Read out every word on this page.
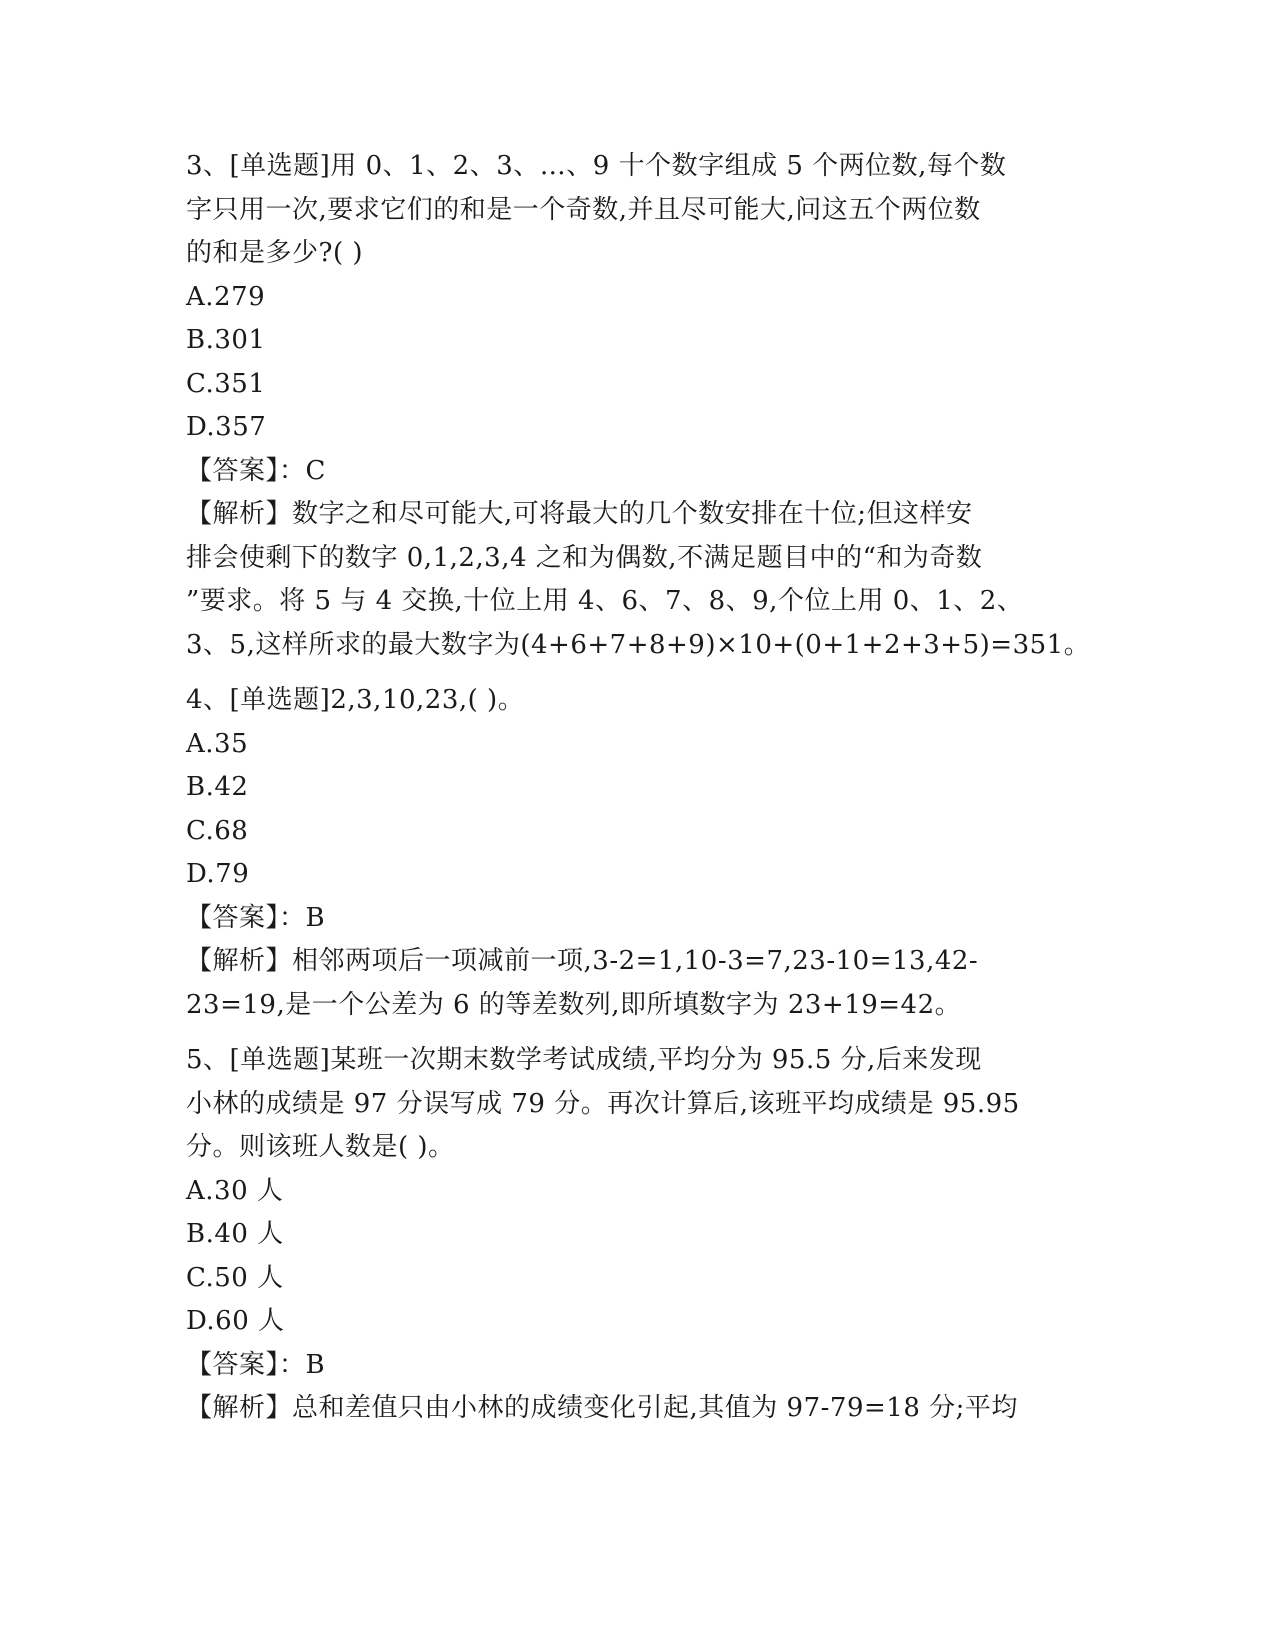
3、[单选题]用 0、1、2、3、…、9 十个数字组成 5 个两位数,每个数
字只用一次,要求它们的和是一个奇数,并且尽可能大,问这五个两位数
的和是多少?( )
A.279
B.301
C.351
D.357
【答案】：C
【解析】数字之和尽可能大,可将最大的几个数安排在十位;但这样安
排会使剩下的数字 0,1,2,3,4 之和为偶数,不满足题目中的“和为奇数
”要求。将 5 与 4 交换,十位上用 4、6、7、8、9,个位上用 0、1、2、
3、5,这样所求的最大数字为(4+6+7+8+9)×10+(0+1+2+3+5)=351。
4、[单选题]2,3,10,23,( )。
A.35
B.42
C.68
D.79
【答案】：B
【解析】相邻两项后一项减前一项,3-2=1,10-3=7,23-10=13,42-
23=19,是一个公差为 6 的等差数列,即所填数字为 23+19=42。
5、[单选题]某班一次期末数学考试成绩,平均分为 95.5 分,后来发现
小林的成绩是 97 分误写成 79 分。再次计算后,该班平均成绩是 95.95
分。则该班人数是( )。
A.30 人
B.40 人
C.50 人
D.60 人
【答案】：B
【解析】总和差值只由小林的成绩变化引起,其值为 97-79=18 分;平均
